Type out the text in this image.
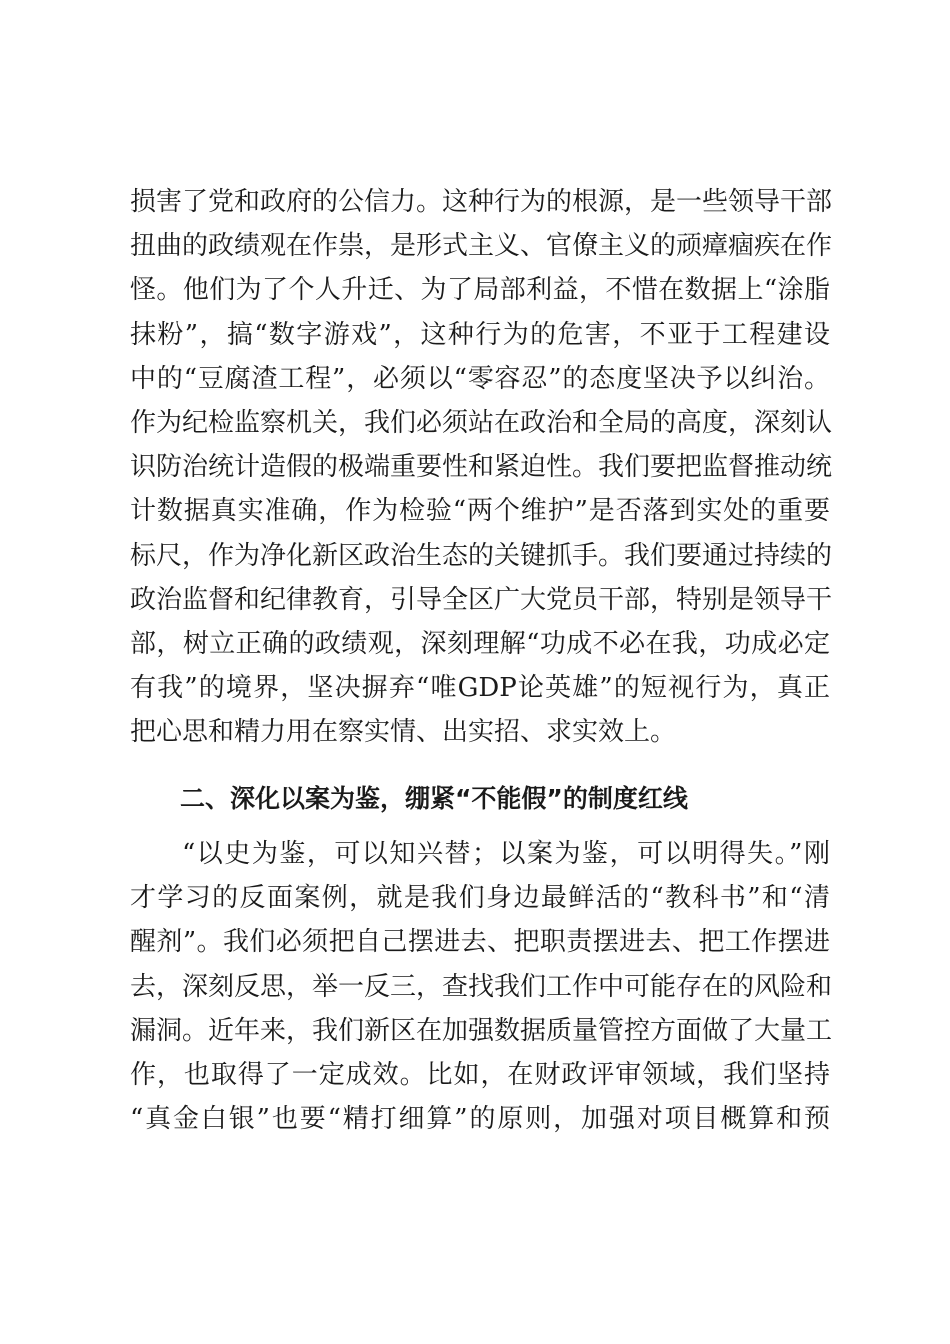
损害了党和政府的公信力。这种行为的根源，是一些领导干部
扭曲的政绩观在作祟，是形式主义、官僚主义的顽瘴痼疾在作
怪。他们为了个人升迁、为了局部利益，不惜在数据上“涂脂
抹粉”，搞“数字游戏”，这种行为的危害，不亚于工程建设
中的“豆腐渣工程”，必须以“零容忍”的态度坚决予以纠治。
作为纪检监察机关，我们必须站在政治和全局的高度，深刻认
识防治统计造假的极端重要性和紧迫性。我们要把监督推动统
计数据真实准确，作为检验“两个维护”是否落到实处的重要
标尺，作为净化新区政治生态的关键抓手。我们要通过持续的
政治监督和纪律教育，引导全区广大党员干部，特别是领导干
部，树立正确的政绩观，深刻理解“功成不必在我，功成必定
有我”的境界，坚决摒弃“唯GDP论英雄”的短视行为，真正
把心思和精力用在察实情、出实招、求实效上。
二、深化以案为鉴，绷紧“不能假”的制度红线
“以史为鉴，可以知兴替；以案为鉴，可以明得失。”刚
才学习的反面案例，就是我们身边最鲜活的“教科书”和“清
醒剂”。我们必须把自己摆进去、把职责摆进去、把工作摆进
去，深刻反思，举一反三，查找我们工作中可能存在的风险和
漏洞。近年来，我们新区在加强数据质量管控方面做了大量工
作，也取得了一定成效。比如，在财政评审领域，我们坚持
“真金白银”也要“精打细算”的原则，加强对项目概算和预
